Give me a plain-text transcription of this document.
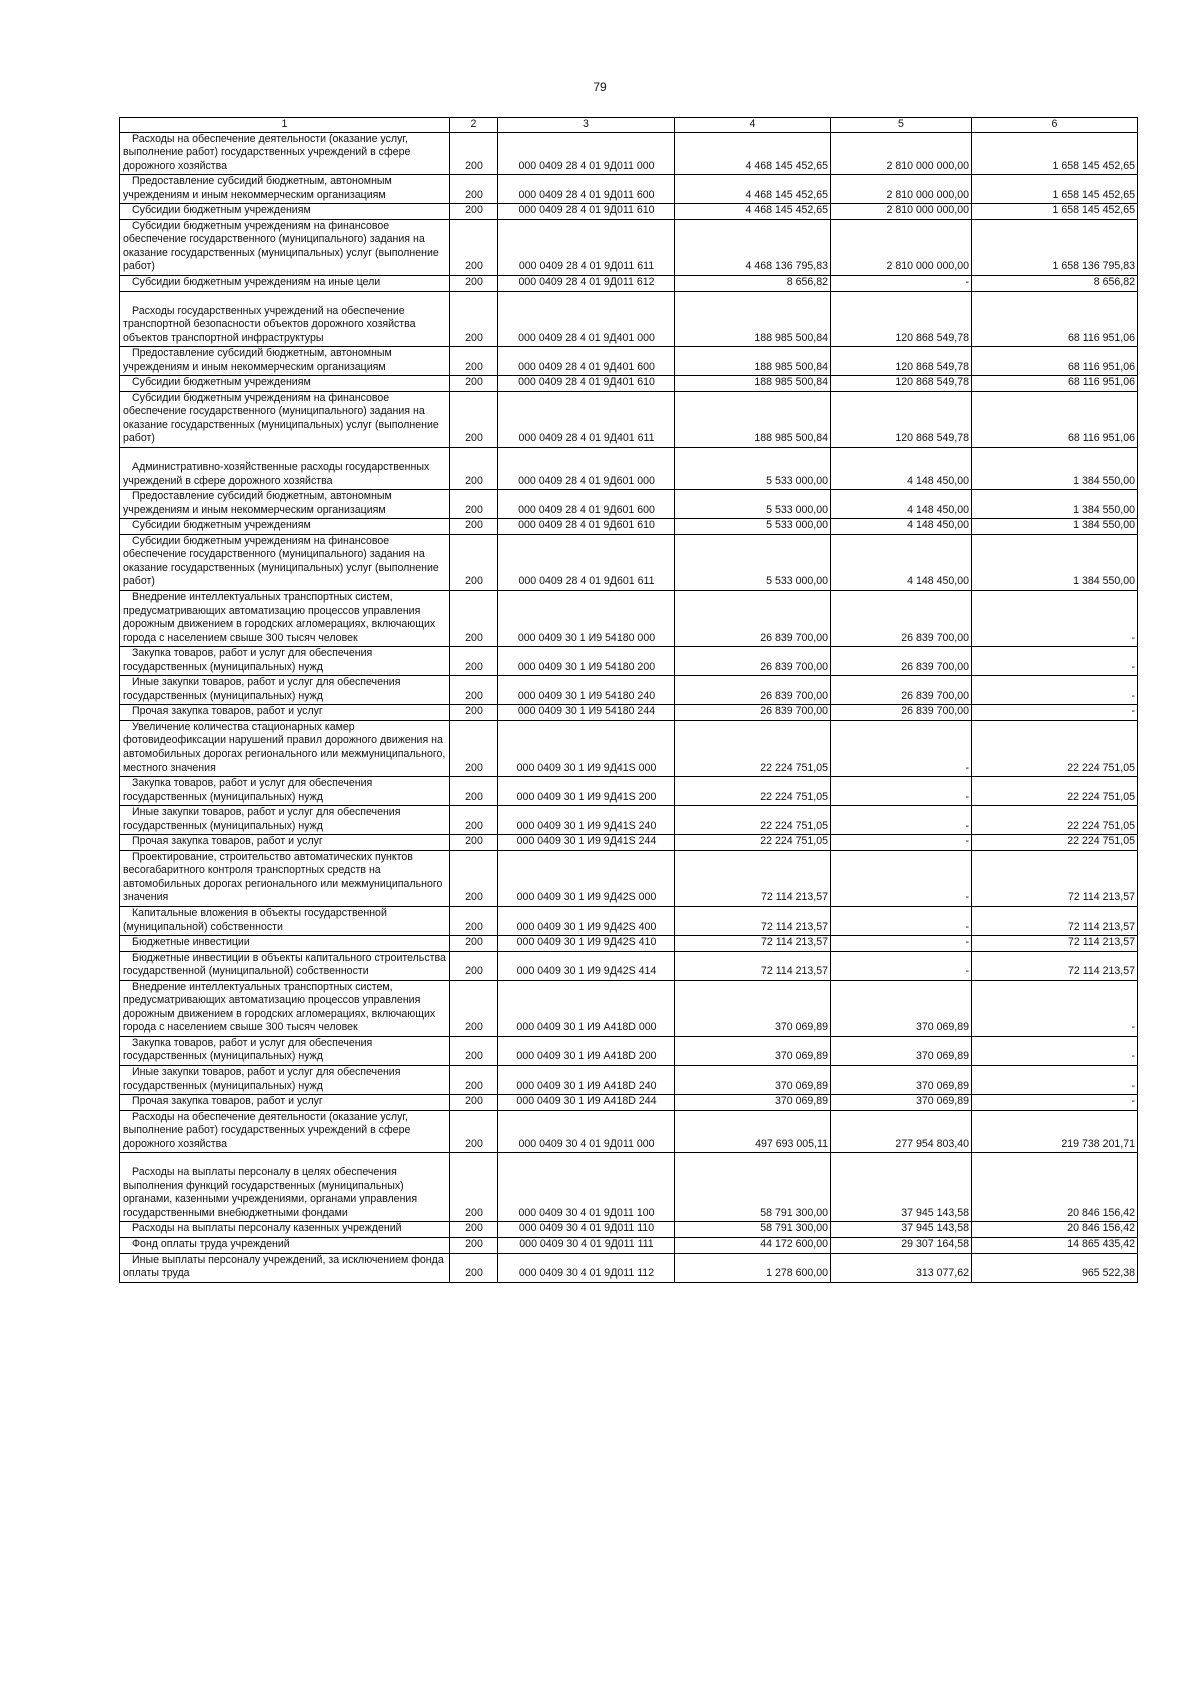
79
1	2	3	4	5	6
Расходы на обеспечение деятельности (оказание услуг, выполнение работ) государственных учреждений в сфере дорожного хозяйства	200	000 0409 28 4 01 9Д011 000	4 468 145 452,65	2 810 000 000,00	1 658 145 452,65
Предоставление субсидий бюджетным, автономным учреждениям и иным некоммерческим организациям	200	000 0409 28 4 01 9Д011 600	4 468 145 452,65	2 810 000 000,00	1 658 145 452,65
Субсидии бюджетным учреждениям	200	000 0409 28 4 01 9Д011 610	4 468 145 452,65	2 810 000 000,00	1 658 145 452,65
Субсидии бюджетным учреждениям на финансовое обеспечение государственного (муниципального) задания на оказание государственных (муниципальных) услуг (выполнение работ)	200	000 0409 28 4 01 9Д011 611	4 468 136 795,83	2 810 000 000,00	1 658 136 795,83
Субсидии бюджетным учреждениям на иные цели	200	000 0409 28 4 01 9Д011 612	8 656,82	-	8 656,82
Расходы государственных учреждений на обеспечение транспортной безопасности объектов дорожного хозяйства объектов транспортной инфраструктуры	200	000 0409 28 4 01 9Д401 000	188 985 500,84	120 868 549,78	68 116 951,06
Предоставление субсидий бюджетным, автономным учреждениям и иным некоммерческим организациям	200	000 0409 28 4 01 9Д401 600	188 985 500,84	120 868 549,78	68 116 951,06
Субсидии бюджетным учреждениям	200	000 0409 28 4 01 9Д401 610	188 985 500,84	120 868 549,78	68 116 951,06
Субсидии бюджетным учреждениям на финансовое обеспечение государственного (муниципального) задания на оказание государственных (муниципальных) услуг (выполнение работ)	200	000 0409 28 4 01 9Д401 611	188 985 500,84	120 868 549,78	68 116 951,06
Административно-хозяйственные расходы государственных учреждений в сфере дорожного хозяйства	200	000 0409 28 4 01 9Д601 000	5 533 000,00	4 148 450,00	1 384 550,00
Предоставление субсидий бюджетным, автономным учреждениям и иным некоммерческим организациям	200	000 0409 28 4 01 9Д601 600	5 533 000,00	4 148 450,00	1 384 550,00
Субсидии бюджетным учреждениям	200	000 0409 28 4 01 9Д601 610	5 533 000,00	4 148 450,00	1 384 550,00
Субсидии бюджетным учреждениям на финансовое обеспечение государственного (муниципального) задания на оказание государственных (муниципальных) услуг (выполнение работ)	200	000 0409 28 4 01 9Д601 611	5 533 000,00	4 148 450,00	1 384 550,00
Внедрение интеллектуальных транспортных систем, предусматривающих автоматизацию процессов управления дорожным движением в городских агломерациях, включающих города с населением свыше 300 тысяч человек	200	000 0409 30 1 И9 54180 000	26 839 700,00	26 839 700,00	-
Закупка товаров, работ и услуг для обеспечения государственных (муниципальных) нужд	200	000 0409 30 1 И9 54180 200	26 839 700,00	26 839 700,00	-
Иные закупки товаров, работ и услуг для обеспечения государственных (муниципальных) нужд	200	000 0409 30 1 И9 54180 240	26 839 700,00	26 839 700,00	-
Прочая закупка товаров, работ и услуг	200	000 0409 30 1 И9 54180 244	26 839 700,00	26 839 700,00	-
Увеличение количества стационарных камер фотовидеофиксации нарушений правил дорожного движения на автомобильных дорогах регионального или межмуниципального, местного значения	200	000 0409 30 1 И9 9Д41S 000	22 224 751,05	-	22 224 751,05
Закупка товаров, работ и услуг для обеспечения государственных (муниципальных) нужд	200	000 0409 30 1 И9 9Д41S 200	22 224 751,05	-	22 224 751,05
Иные закупки товаров, работ и услуг для обеспечения государственных (муниципальных) нужд	200	000 0409 30 1 И9 9Д41S 240	22 224 751,05	-	22 224 751,05
Прочая закупка товаров, работ и услуг	200	000 0409 30 1 И9 9Д41S 244	22 224 751,05	-	22 224 751,05
Проектирование, строительство автоматических пунктов весогабаритного контроля транспортных средств на автомобильных дорогах регионального или межмуниципального значения	200	000 0409 30 1 И9 9Д42S 000	72 114 213,57	-	72 114 213,57
Капитальные вложения в объекты государственной (муниципальной) собственности	200	000 0409 30 1 И9 9Д42S 400	72 114 213,57	-	72 114 213,57
Бюджетные инвестиции	200	000 0409 30 1 И9 9Д42S 410	72 114 213,57	-	72 114 213,57
Бюджетные инвестиции в объекты капитального строительства государственной (муниципальной) собственности	200	000 0409 30 1 И9 9Д42S 414	72 114 213,57	-	72 114 213,57
Внедрение интеллектуальных транспортных систем, предусматривающих автоматизацию процессов управления дорожным движением в городских агломерациях, включающих города с населением свыше 300 тысяч человек	200	000 0409 30 1 И9 А418D 000	370 069,89	370 069,89	-
Закупка товаров, работ и услуг для обеспечения государственных (муниципальных) нужд	200	000 0409 30 1 И9 А418D 200	370 069,89	370 069,89	-
Иные закупки товаров, работ и услуг для обеспечения государственных (муниципальных) нужд	200	000 0409 30 1 И9 А418D 240	370 069,89	370 069,89	-
Прочая закупка товаров, работ и услуг	200	000 0409 30 1 И9 А418D 244	370 069,89	370 069,89	-
Расходы на обеспечение деятельности (оказание услуг, выполнение работ) государственных учреждений в сфере дорожного хозяйства	200	000 0409 30 4 01 9Д011 000	497 693 005,11	277 954 803,40	219 738 201,71
Расходы на выплаты персоналу в целях обеспечения выполнения функций государственных (муниципальных) органами, казенными учреждениями, органами управления государственными внебюджетными фондами	200	000 0409 30 4 01 9Д011 100	58 791 300,00	37 945 143,58	20 846 156,42
Расходы на выплаты персоналу казенных учреждений	200	000 0409 30 4 01 9Д011 110	58 791 300,00	37 945 143,58	20 846 156,42
Фонд оплаты труда учреждений	200	000 0409 30 4 01 9Д011 111	44 172 600,00	29 307 164,58	14 865 435,42
Иные выплаты персоналу учреждений, за исключением фонда оплаты труда	200	000 0409 30 4 01 9Д011 112	1 278 600,00	313 077,62	965 522,38
